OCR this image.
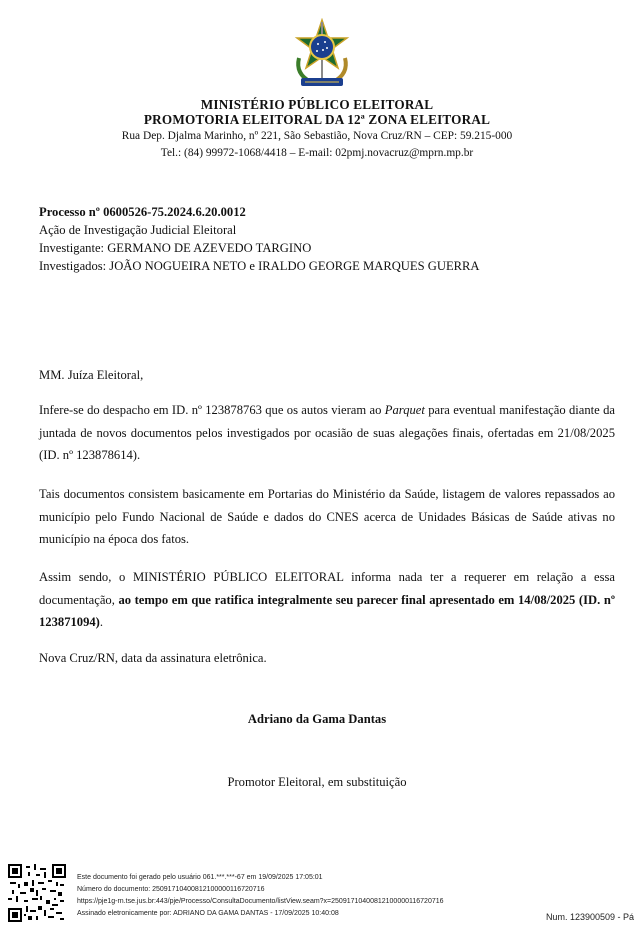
MINISTÉRIO PÚBLICO ELEITORAL
PROMOTORIA ELEITORAL DA 12ª ZONA ELEITORAL
Rua Dep. Djalma Marinho, nº 221, São Sebastião, Nova Cruz/RN – CEP: 59.215-000
Tel.: (84) 99972-1068/4418 – E-mail: 02pmj.novacruz@mprn.mp.br
Processo nº 0600526-75.2024.6.20.0012
Ação de Investigação Judicial Eleitoral
Investigante: GERMANO DE AZEVEDO TARGINO
Investigados: JOÃO NOGUEIRA NETO e IRALDO GEORGE MARQUES GUERRA
MM. Juíza Eleitoral,
Infere-se do despacho em ID. nº 123878763 que os autos vieram ao Parquet para eventual manifestação diante da juntada de novos documentos pelos investigados por ocasião de suas alegações finais, ofertadas em 21/08/2025 (ID. nº 123878614).
Tais documentos consistem basicamente em Portarias do Ministério da Saúde, listagem de valores repassados ao município pelo Fundo Nacional de Saúde e dados do CNES acerca de Unidades Básicas de Saúde ativas no município na época dos fatos.
Assim sendo, o MINISTÉRIO PÚBLICO ELEITORAL informa nada ter a requerer em relação a essa documentação, ao tempo em que ratifica integralmente seu parecer final apresentado em 14/08/2025 (ID. nº 123871094).
Nova Cruz/RN, data da assinatura eletrônica.
Adriano da Gama Dantas
Promotor Eleitoral, em substituição
Este documento foi gerado pelo usuário 061.***.***-67 em 19/09/2025 17:05:01
Número do documento: 25091710400812100000116720716
https://pje1g-rn.tse.jus.br:443/pje/Processo/ConsultaDocumento/listView.seam?x=25091710400812100000116720716
Assinado eletronicamente por: ADRIANO DA GAMA DANTAS - 17/09/2025 10:40:08	Num. 123900509 - Pá
